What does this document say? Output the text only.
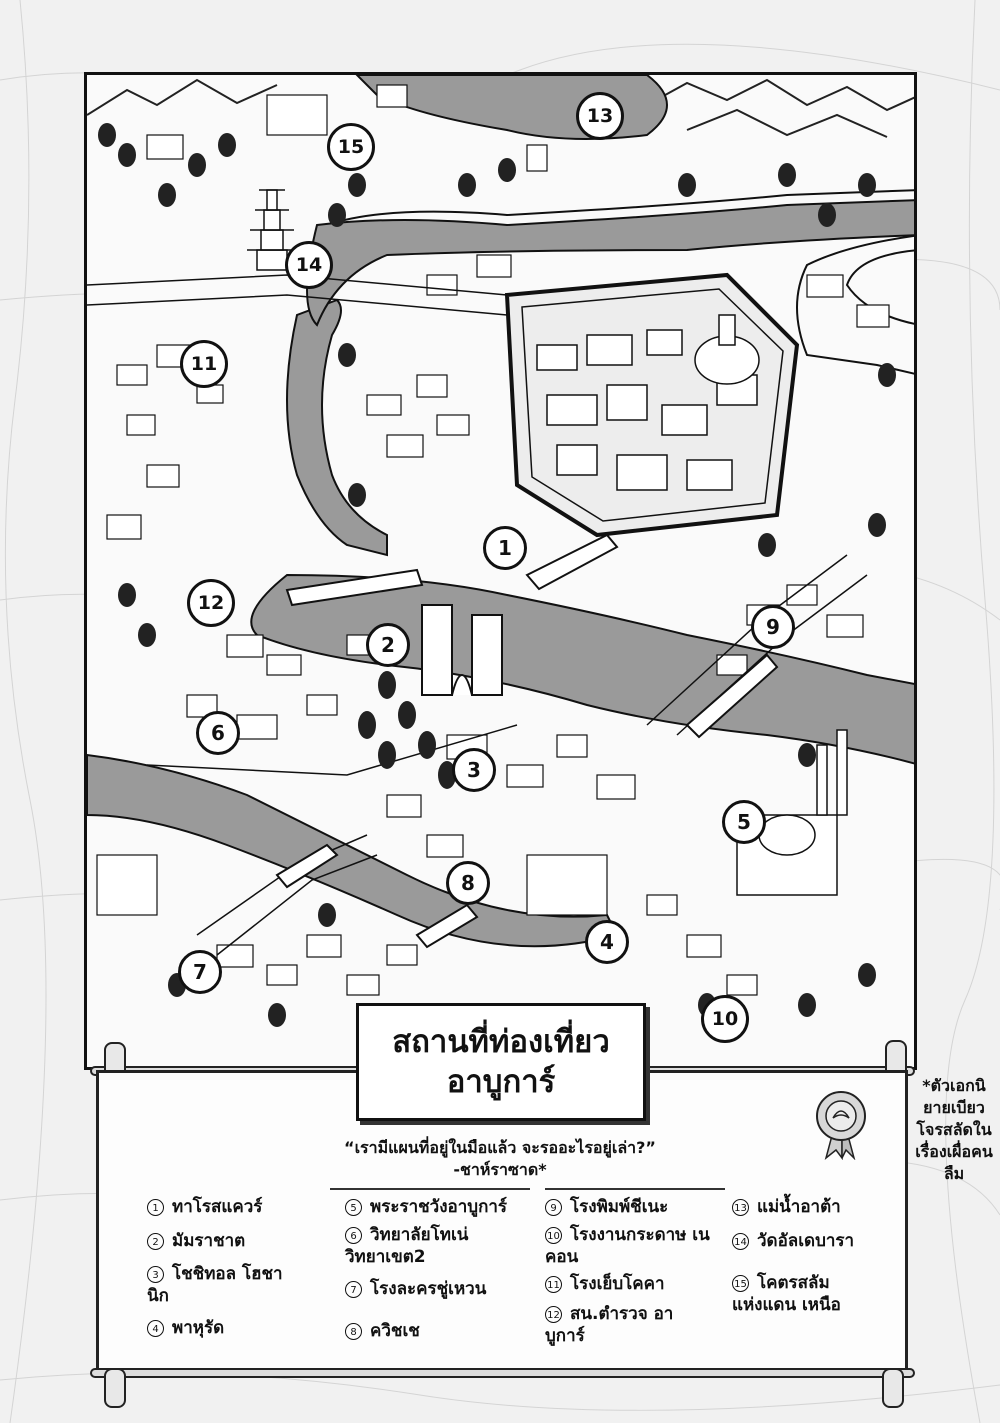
1
2
3
4
5
6
7
8
9
10
11
12
13
14
15
สถานที่ท่องเที่ยว
อาบูการ์
“เรามีแผนที่อยู่ในมือแล้ว จะรออะไรอยู่เล่า?”
-ชาห์ราซาด*
1 ทาโรสแควร์
2 มัมราชาต
3 โชชิทอล โฮชานิก
4 พาหุรัด
5 พระราชวังอาบูการ์
6 วิทยาลัยโทเน่ วิทยาเขต2
7 โรงละครชู่เหวน
8 ควิชเช
9 โรงพิมพ์ชีเนะ
10 โรงงานกระดาษ เนคอน
11 โรงเย็บโคคา
12 สน.ตำรวจ อาบูการ์
13 แม่น้ำอาต้า
14 วัดอัลเดบารา
15 โคตรสลัม แห่งแดน เหนือ
*ตัวเอกนิยายเบียวโจรสลัดในเรื่องเผื่อคนลืม
